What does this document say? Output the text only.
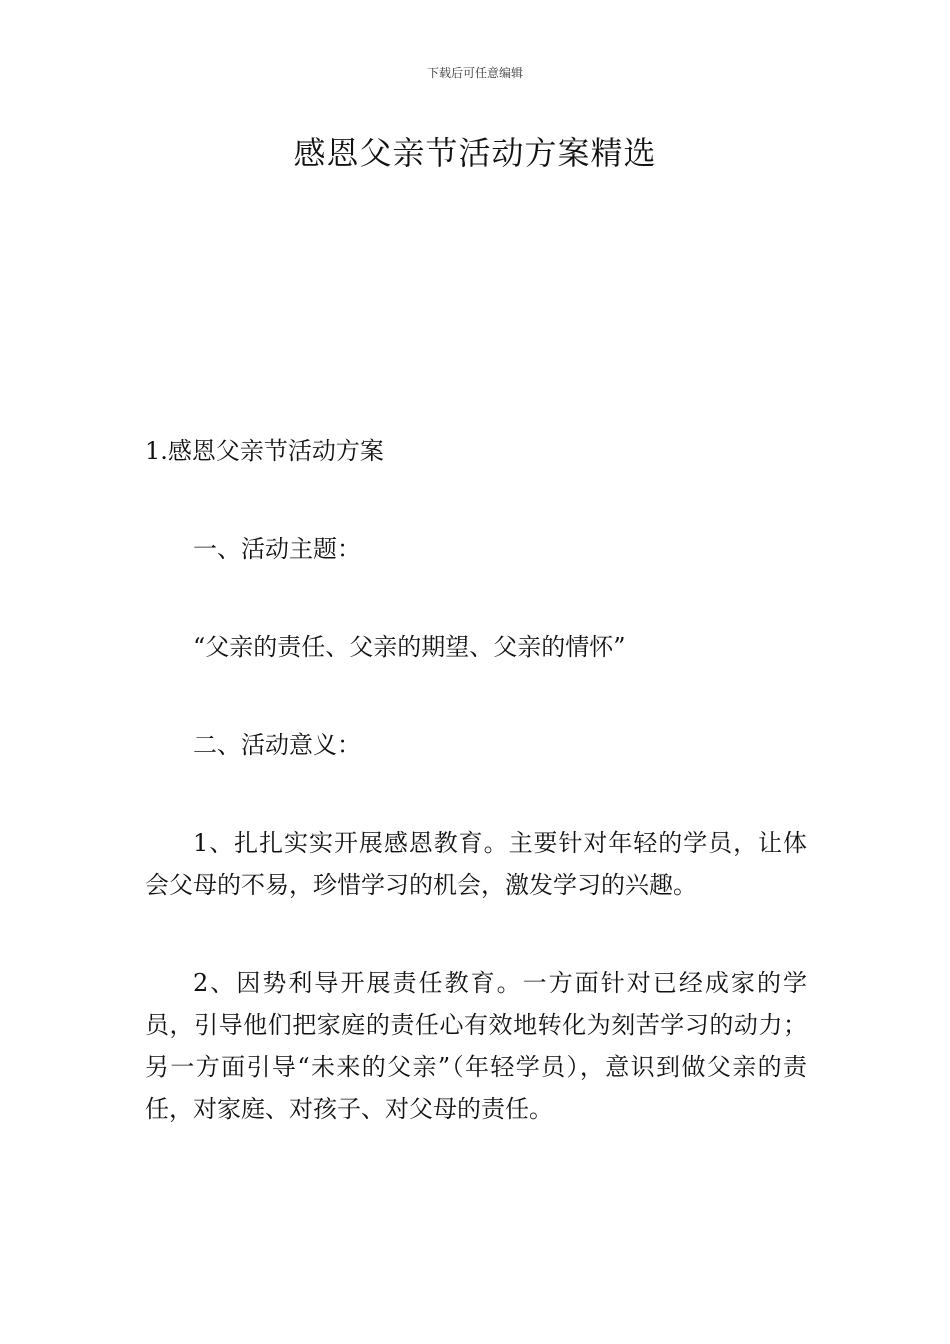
下载后可任意编辑
感恩父亲节活动方案精选

1.感恩父亲节活动方案

一、活动主题：

“父亲的责任、父亲的期望、父亲的情怀”

二、活动意义：

1、扎扎实实开展感恩教育。主要针对年轻的学员，让体会父母的不易，珍惜学习的机会，激发学习的兴趣。

2、因势利导开展责任教育。一方面针对已经成家的学员，引导他们把家庭的责任心有效地转化为刻苦学习的动力；另一方面引导“未来的父亲”（年轻学员），意识到做父亲的责任，对家庭、对孩子、对父母的责任。
